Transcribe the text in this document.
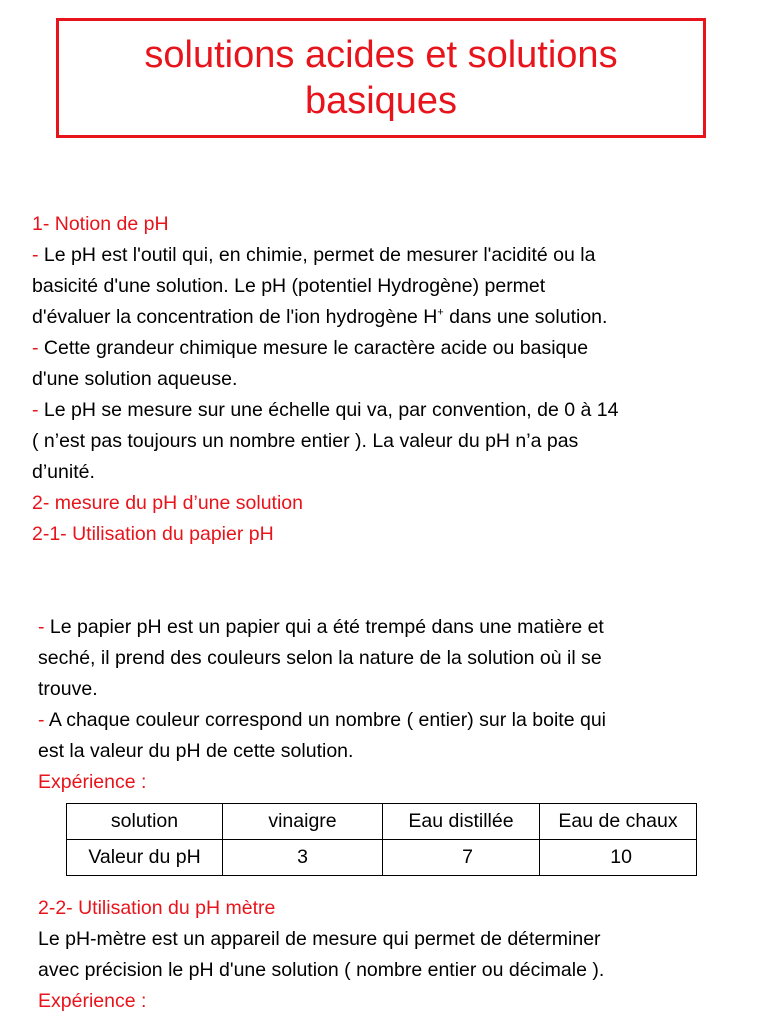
solutions acides et solutions
basiques
1- Notion de pH
- Le pH est l'outil qui, en chimie, permet de mesurer l'acidité ou la
basicité d'une solution. Le pH (potentiel Hydrogène) permet
d'évaluer la concentration de l'ion hydrogène H+ dans une solution.
- Cette grandeur chimique mesure le caractère acide ou basique
d'une solution aqueuse.
- Le pH se mesure sur une échelle qui va, par convention, de 0 à 14
( n’est pas toujours un nombre entier ). La valeur du pH n’a pas
d’unité.
2- mesure du pH d’une solution
2-1- Utilisation du papier pH
- Le papier pH est un papier qui a été trempé dans une matière et
seché, il prend des couleurs selon la nature de la solution où il se
trouve.
- A chaque couleur correspond un nombre ( entier) sur la boite qui
est la valeur du pH de cette solution.
Expérience :
solution	vinaigre	Eau distillée	Eau de chaux
Valeur du pH	3	7	10
2-2- Utilisation du pH mètre
Le pH-mètre est un appareil de mesure qui permet de déterminer
avec précision le pH d'une solution ( nombre entier ou décimale ).
Expérience :
